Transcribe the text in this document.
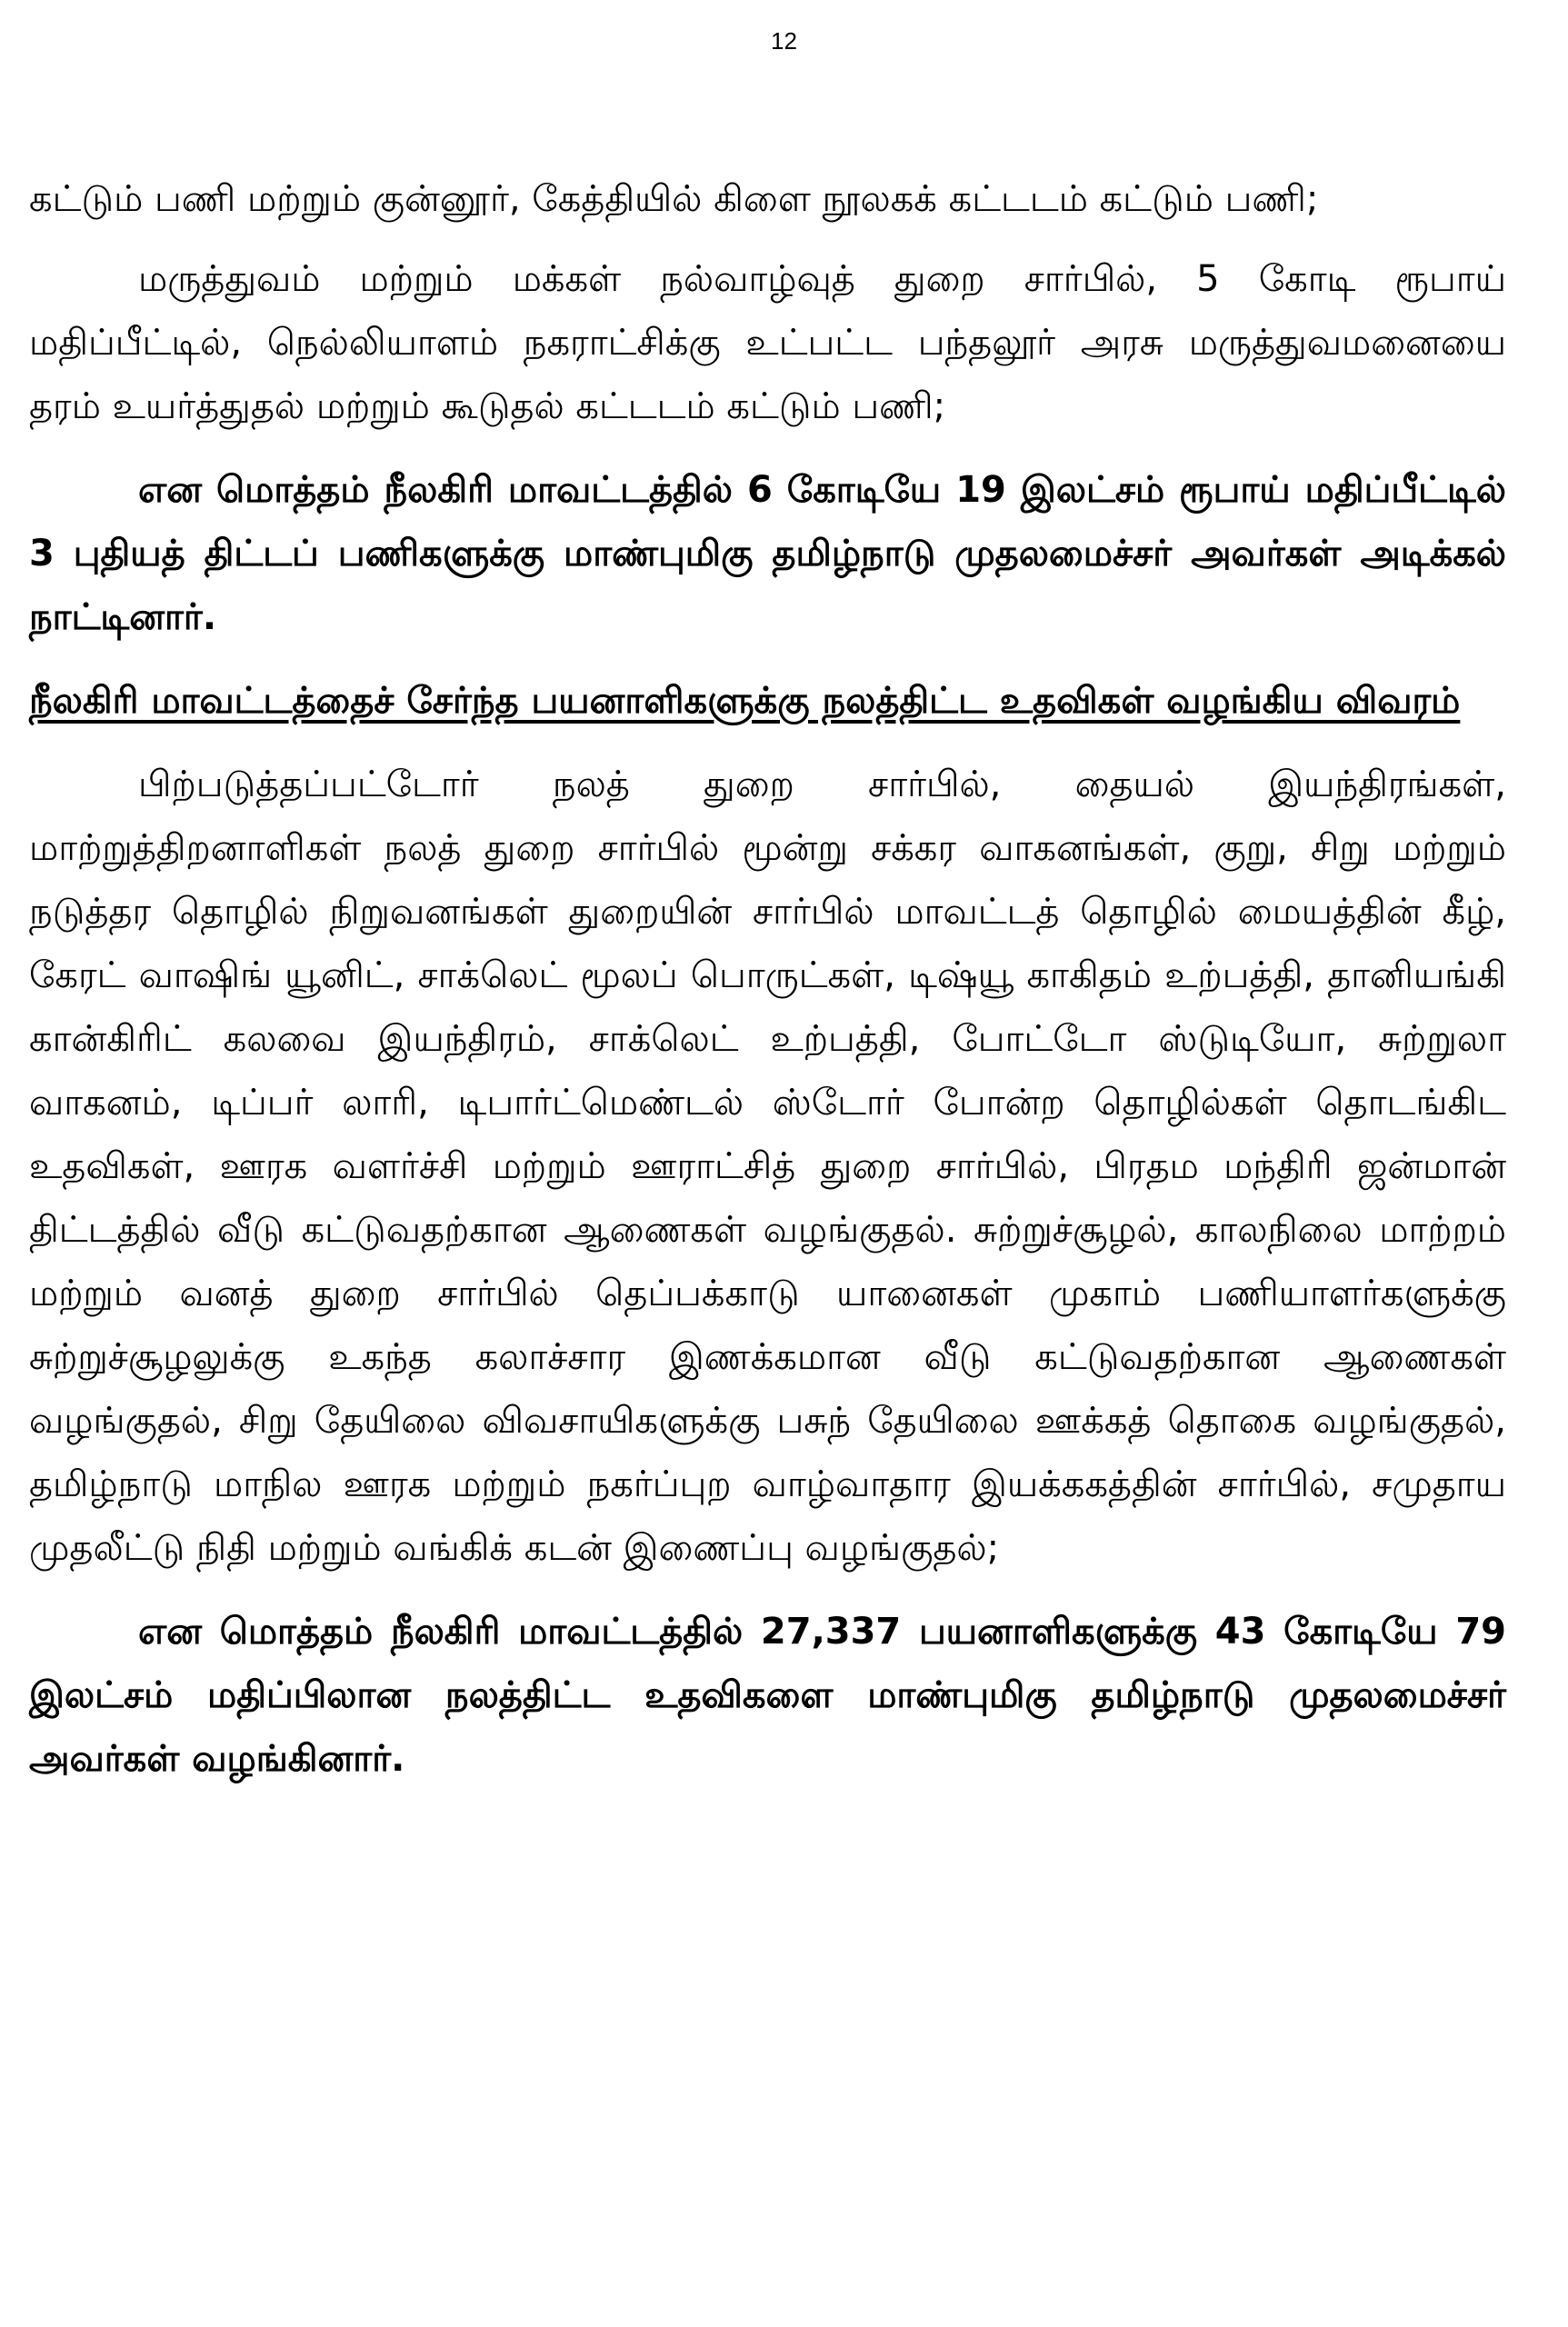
12

கட்டும் பணி மற்றும் குன்னூர், கேத்தியில் கிளை நூலகக் கட்டடம் கட்டும் பணி;

மருத்துவம் மற்றும் மக்கள் நல்வாழ்வுத் துறை சார்பில், 5 கோடி ரூபாய் மதிப்பீட்டில், நெல்லியாளம் நகராட்சிக்கு உட்பட்ட பந்தலூர் அரசு மருத்துவமனையை தரம் உயர்த்துதல் மற்றும் கூடுதல் கட்டடம் கட்டும் பணி;

என மொத்தம் நீலகிரி மாவட்டத்தில் 6 கோடியே 19 இலட்சம் ரூபாய் மதிப்பீட்டில் 3 புதியத் திட்டப் பணிகளுக்கு மாண்புமிகு தமிழ்நாடு முதலமைச்சர் அவர்கள் அடிக்கல் நாட்டினார்.

நீலகிரி மாவட்டத்தைச் சேர்ந்த பயனாளிகளுக்கு நலத்திட்ட உதவிகள் வழங்கிய விவரம்

பிற்படுத்தப்பட்டோர் நலத் துறை சார்பில், தையல் இயந்திரங்கள், மாற்றுத்திறனாளிகள் நலத் துறை சார்பில் மூன்று சக்கர வாகனங்கள், குறு, சிறு மற்றும் நடுத்தர தொழில் நிறுவனங்கள் துறையின் சார்பில் மாவட்டத் தொழில் மையத்தின் கீழ், கேரட் வாஷிங் யூனிட், சாக்லெட் மூலப் பொருட்கள், டிஷ்யூ காகிதம் உற்பத்தி, தானியங்கி கான்கிரிட் கலவை இயந்திரம், சாக்லெட் உற்பத்தி, போட்டோ ஸ்டுடியோ, சுற்றுலா வாகனம், டிப்பர் லாரி, டிபார்ட்மெண்டல் ஸ்டோர் போன்ற தொழில்கள் தொடங்கிட உதவிகள், ஊரக வளர்ச்சி மற்றும் ஊராட்சித் துறை சார்பில், பிரதம மந்திரி ஜன்மான் திட்டத்தில் வீடு கட்டுவதற்கான ஆணைகள் வழங்குதல். சுற்றுச்சூழல், காலநிலை மாற்றம் மற்றும் வனத் துறை சார்பில் தெப்பக்காடு யானைகள் முகாம் பணியாளர்களுக்கு சுற்றுச்சூழலுக்கு உகந்த கலாச்சார இணக்கமான வீடு கட்டுவதற்கான ஆணைகள் வழங்குதல், சிறு தேயிலை விவசாயிகளுக்கு பசுந் தேயிலை ஊக்கத் தொகை வழங்குதல், தமிழ்நாடு மாநில ஊரக மற்றும் நகர்ப்புற வாழ்வாதார இயக்ககத்தின் சார்பில், சமுதாய முதலீட்டு நிதி மற்றும் வங்கிக் கடன் இணைப்பு வழங்குதல்;

என மொத்தம் நீலகிரி மாவட்டத்தில் 27,337 பயனாளிகளுக்கு 43 கோடியே 79 இலட்சம் மதிப்பிலான நலத்திட்ட உதவிகளை மாண்புமிகு தமிழ்நாடு முதலமைச்சர் அவர்கள் வழங்கினார்.
